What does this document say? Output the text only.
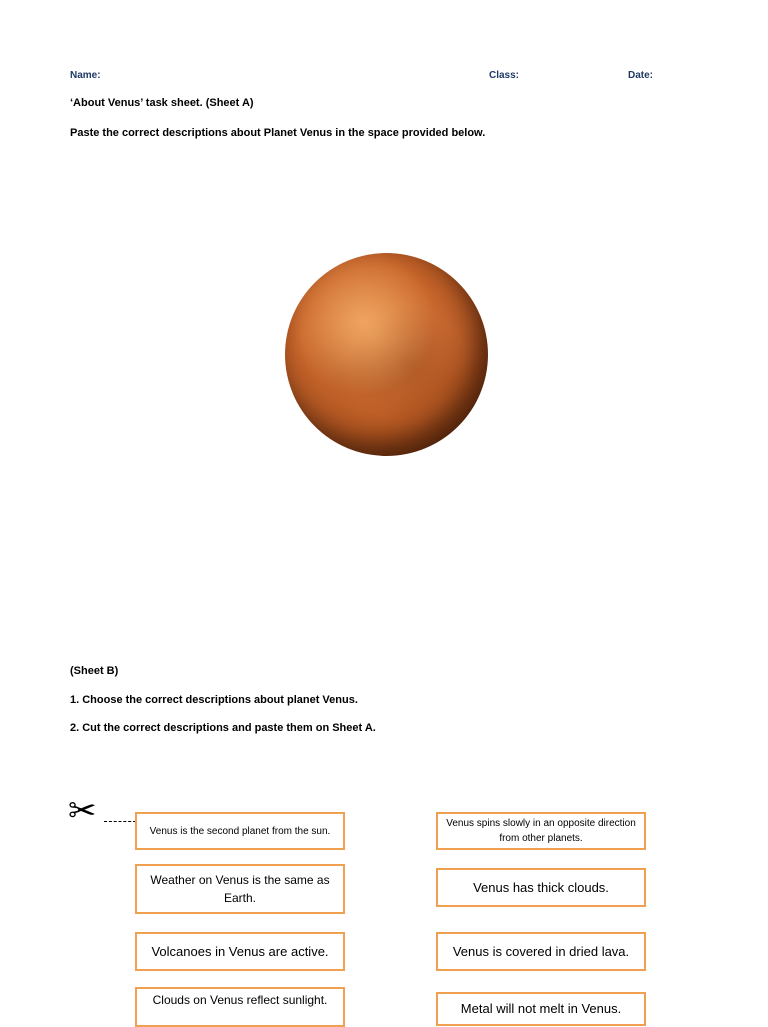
Name:	Class:	Date:
‘About Venus’ task sheet. (Sheet A)
Paste the correct descriptions about Planet Venus in the space provided below.
(Sheet B)
1. Choose the correct descriptions about planet Venus.
2. Cut the correct descriptions and paste them on Sheet A.
✂	Venus is the second planet from the sun.
Venus spins slowly in an opposite direction from other planets.
Weather on Venus is the same as Earth.
Venus has thick clouds.
Volcanoes in Venus are active.	Venus is covered in dried lava.
Clouds on Venus reflect sunlight.
Metal will not melt in Venus.
